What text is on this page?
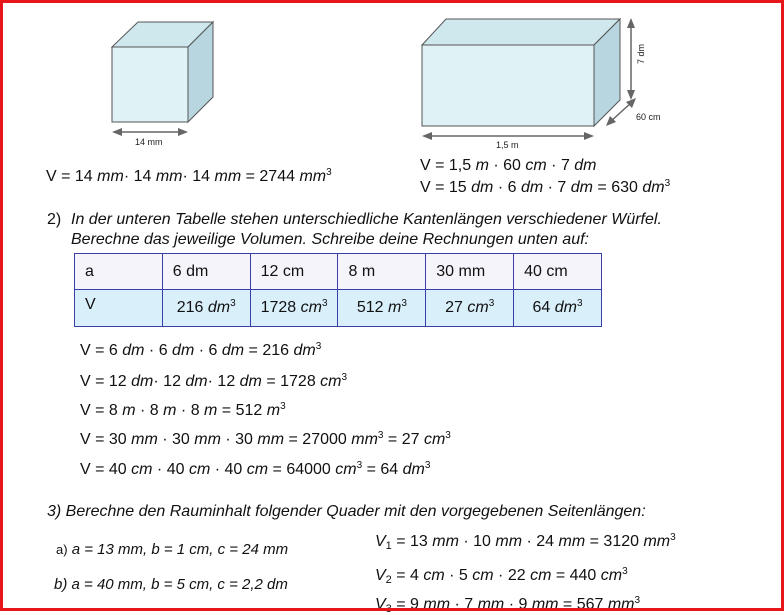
14 mm	1,5 m
7 dm
60 cm
V = 14 mm· 14 mm· 14 mm = 2744 $mm^3$	V = 1,5 m · 60 cm · 7 dm
V = 15 dm · 6 dm · 7 dm = 630 $dm^3$
2) In der unteren Tabelle stehen unterschiedliche Kantenlängen verschiedener Würfel.
Berechne das jeweilige Volumen. Schreibe deine Rechnungen unten auf:
a	6 dm	12 cm	8 m	30 mm	40 cm
V	216 $dm^3$	1728 $cm^3$	512 $m^3$	27 $cm^3$	64 $dm^3$
V = 6 dm · 6 dm · 6 dm = 216 $dm^3$
V = 12 dm· 12 dm· 12 dm = 1728 $cm^3$
V = 8 m · 8 m · 8 m = 512 $m^3$
V = 30 mm · 30 mm · 30 mm = 27000 $mm^3 = 27$ $cm^3$
V = 40 cm · 40 cm · 40 cm = 64000 $cm^3 = 64$ $dm^3$
3) Berechne den Rauminhalt folgender Quader mit den vorgegebenen Seitenlängen:
a) a = 13 mm, b = 1 cm, c = 24 mm
b) a = 40 mm, b = 5 cm, c = 2,2 dm
$V_1 = 13$ mm · 10 mm · 24 mm = 3120 $mm^3$
$V_2 = 4$ cm · 5 cm · 22 cm = 440 $cm^3$
$V_3 = 9$ mm · 7 mm · 9 mm = 567 $mm^3$
